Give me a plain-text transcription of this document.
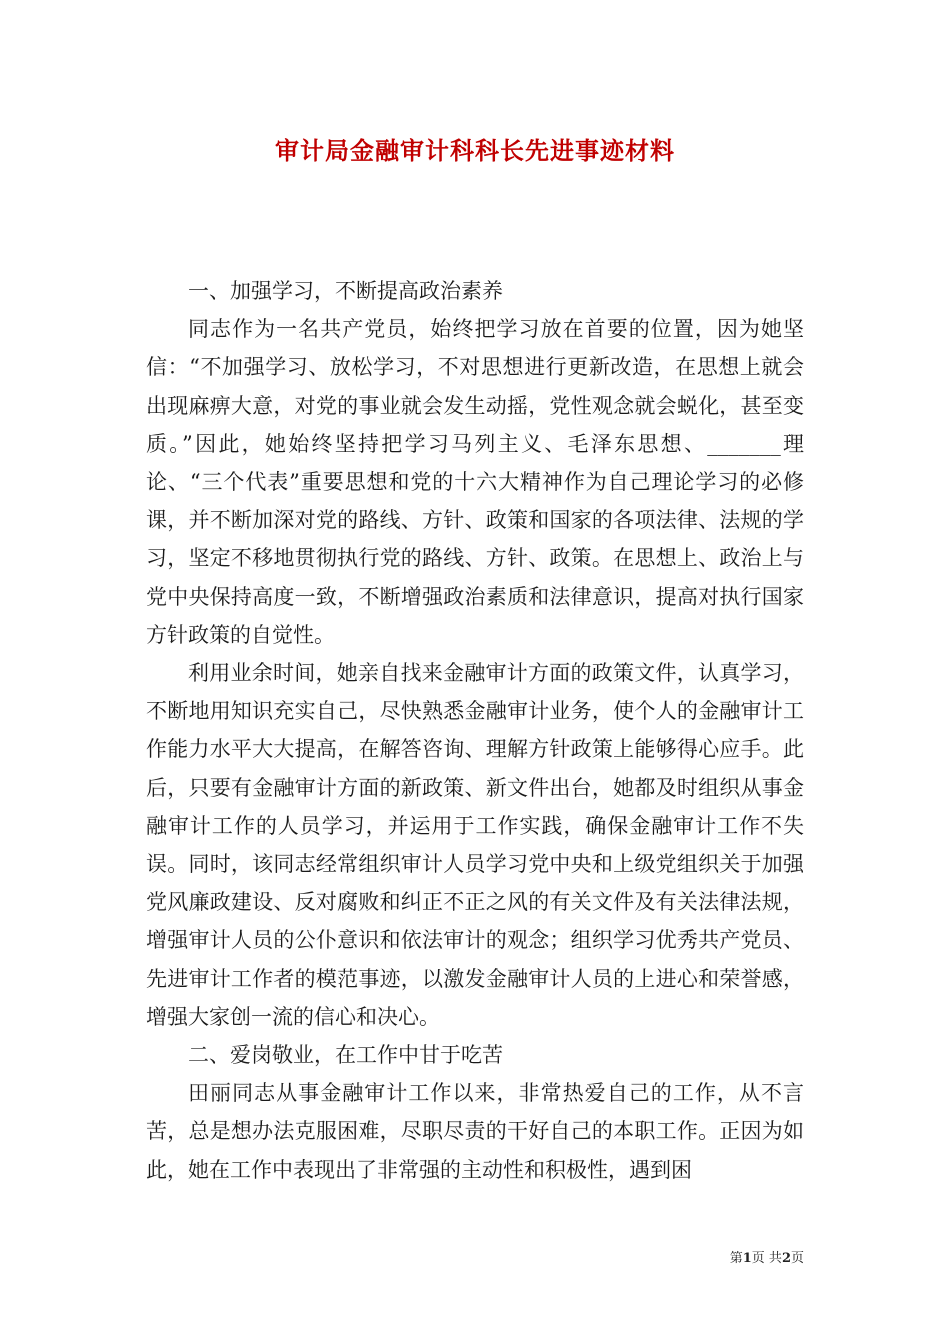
审计局金融审计科科长先进事迹材料

一、加强学习，不断提高政治素养

同志作为一名共产党员，始终把学习放在首要的位置，因为她坚信：“不加强学习、放松学习，不对思想进行更新改造，在思想上就会出现麻痹大意，对党的事业就会发生动摇，党性观念就会蜕化，甚至变质。”因此，她始终坚持把学习马列主义、毛泽东思想、_______理论、“三个代表”重要思想和党的十六大精神作为自己理论学习的必修课，并不断加深对党的路线、方针、政策和国家的各项法律、法规的学习，坚定不移地贯彻执行党的路线、方针、政策。在思想上、政治上与党中央保持高度一致，不断增强政治素质和法律意识，提高对执行国家方针政策的自觉性。

利用业余时间，她亲自找来金融审计方面的政策文件，认真学习，不断地用知识充实自己，尽快熟悉金融审计业务，使个人的金融审计工作能力水平大大提高，在解答咨询、理解方针政策上能够得心应手。此后，只要有金融审计方面的新政策、新文件出台，她都及时组织从事金融审计工作的人员学习，并运用于工作实践，确保金融审计工作不失误。同时，该同志经常组织审计人员学习党中央和上级党组织关于加强党风廉政建设、反对腐败和纠正不正之风的有关文件及有关法律法规，增强审计人员的公仆意识和依法审计的观念；组织学习优秀共产党员、先进审计工作者的模范事迹，以激发金融审计人员的上进心和荣誉感，增强大家创一流的信心和决心。

二、爱岗敬业，在工作中甘于吃苦

田丽同志从事金融审计工作以来，非常热爱自己的工作，从不言苦，总是想办法克服困难，尽职尽责的干好自己的本职工作。正因为如此，她在工作中表现出了非常强的主动性和积极性，遇到困

第1页 共2页
